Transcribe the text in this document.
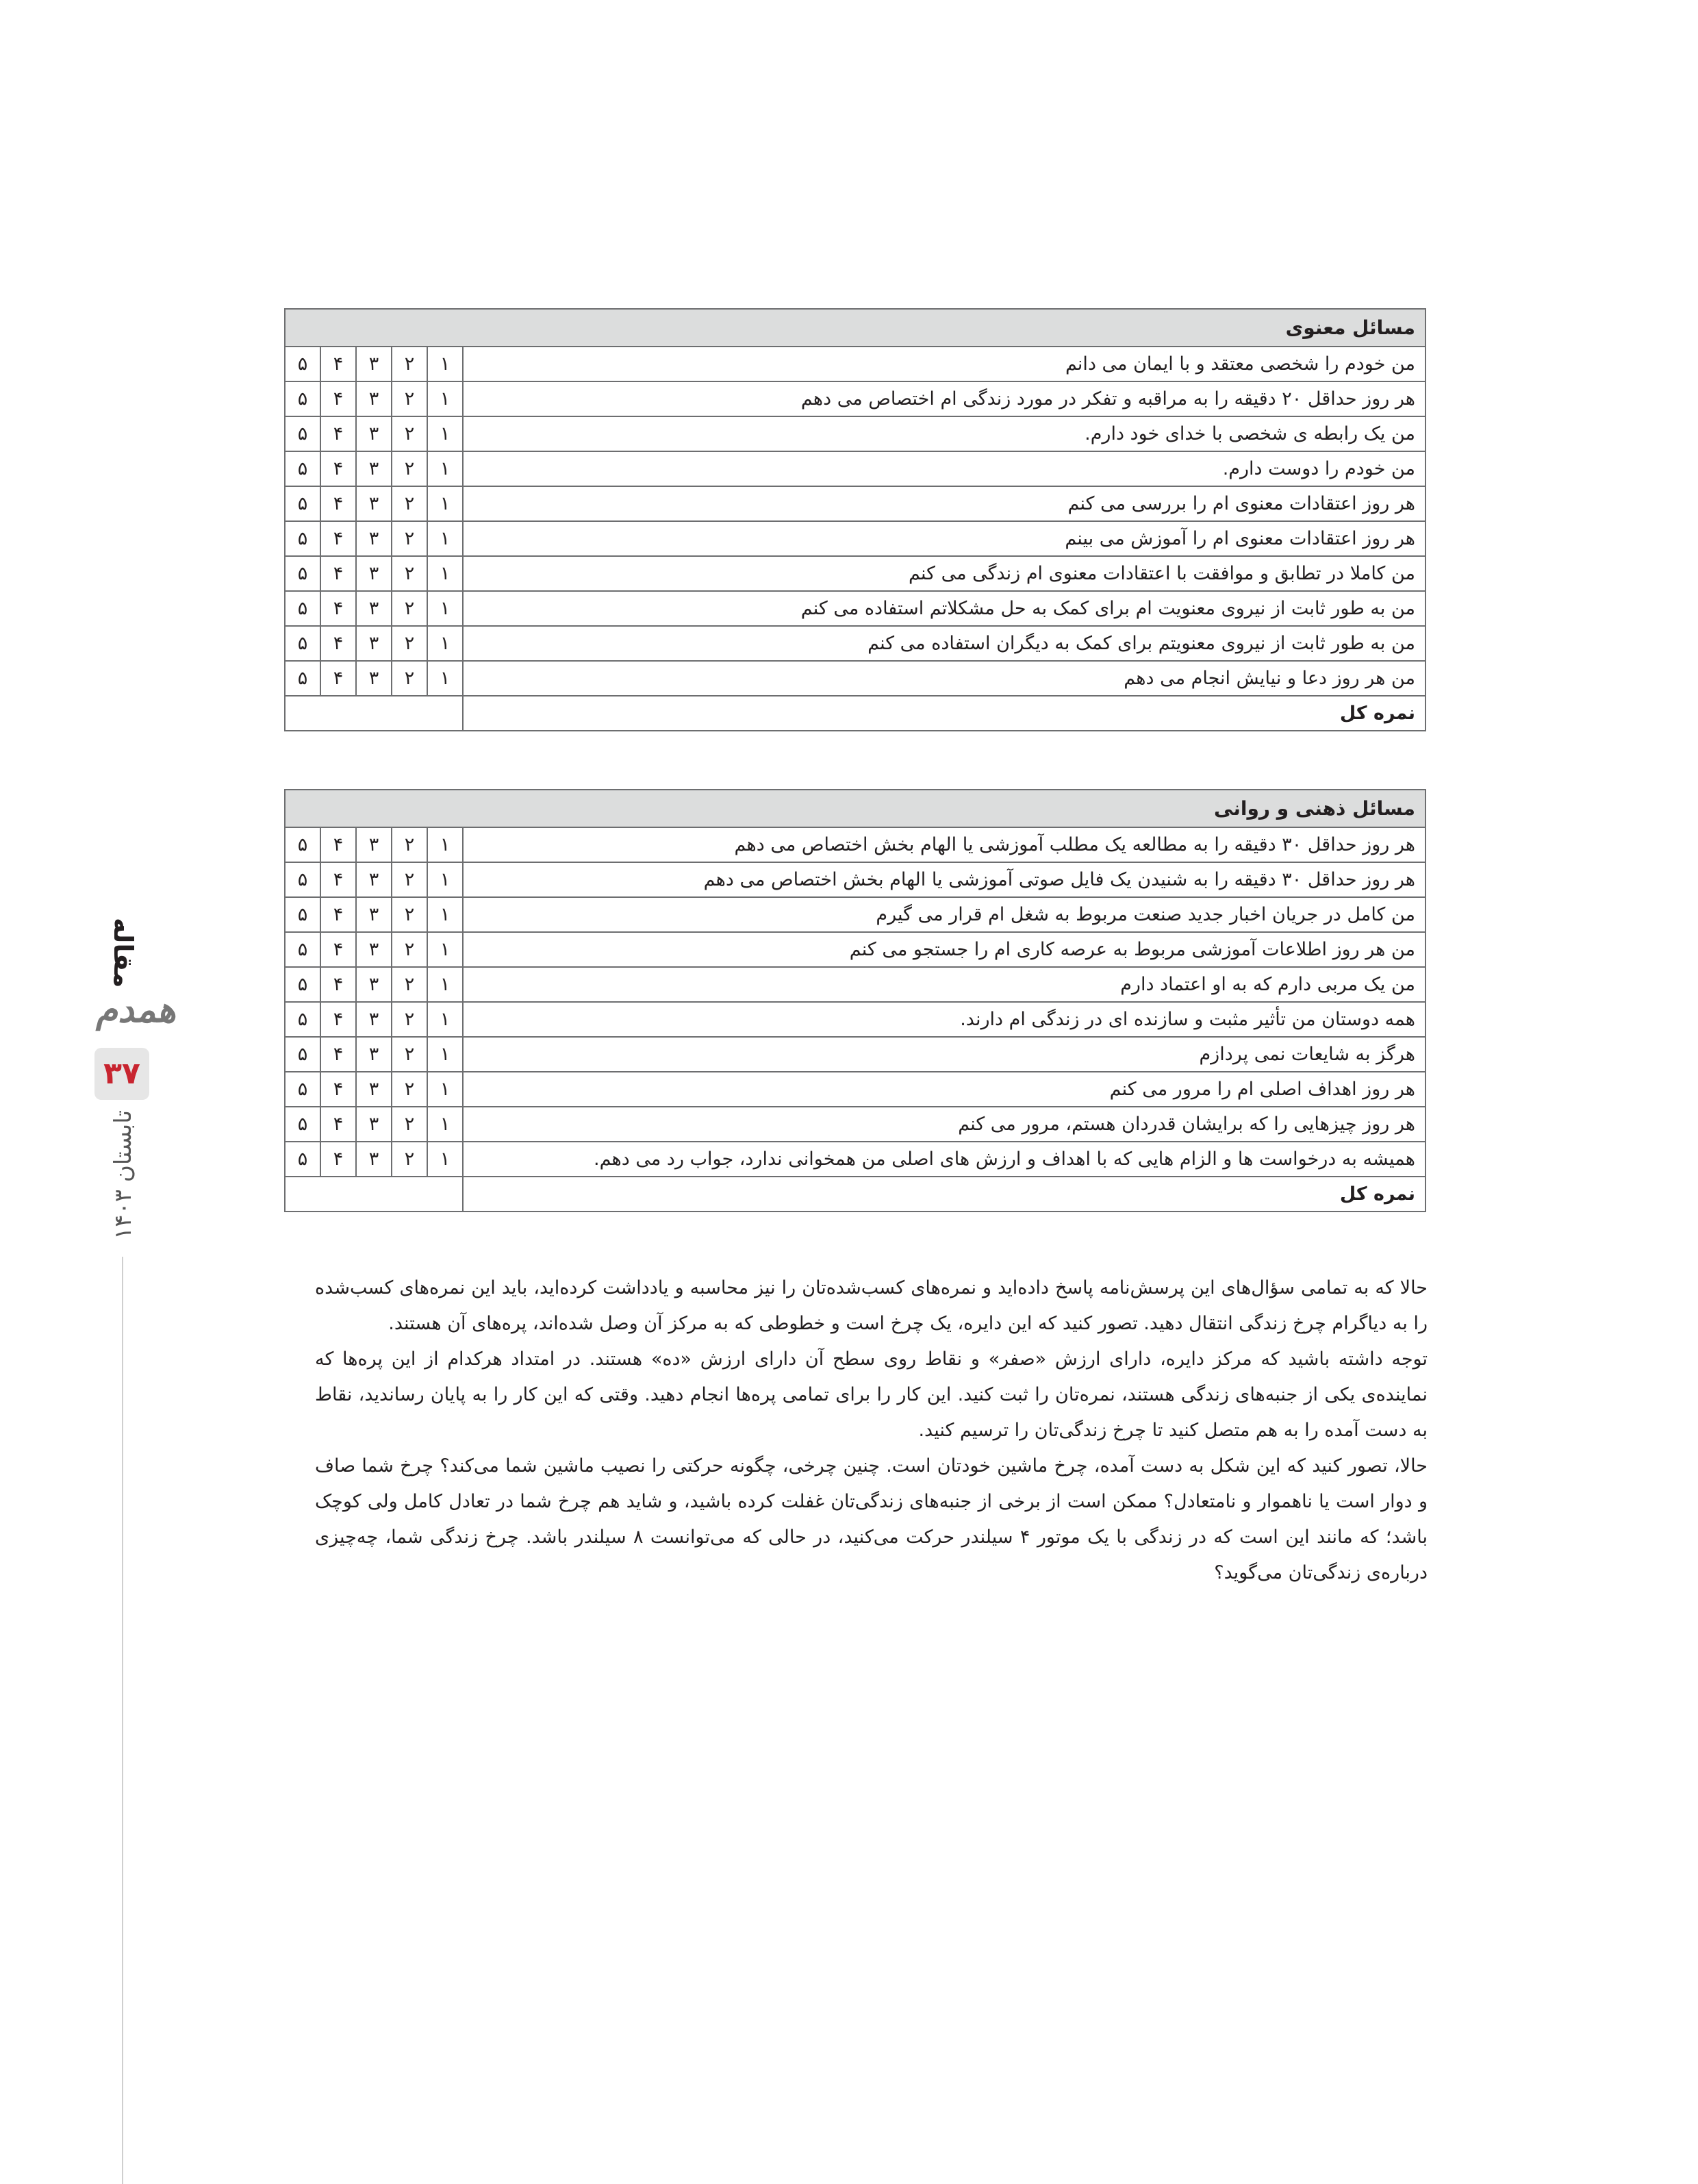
مقاله
همدم
۳۷
تابستان ۱۴۰۳
مسائل معنوی					
من خودم را شخصی معتقد و با ایمان می دانم	۱	۲	۳	۴	۵
هر روز حداقل ۲۰ دقیقه را به مراقبه و تفکر در مورد زندگی ام اختصاص می دهم	۱	۲	۳	۴	۵
من یک رابطه ی شخصی با خدای خود دارم.	۱	۲	۳	۴	۵
من خودم را دوست دارم.	۱	۲	۳	۴	۵
هر روز اعتقادات معنوی ام را بررسی می کنم	۱	۲	۳	۴	۵
هر روز اعتقادات معنوی ام را آموزش می بینم	۱	۲	۳	۴	۵
من کاملا در تطابق و موافقت با اعتقادات معنوی ام زندگی می کنم	۱	۲	۳	۴	۵
من به طور ثابت از نیروی معنویت ام برای کمک به حل مشکلاتم استفاده می کنم	۱	۲	۳	۴	۵
من به طور ثابت از نیروی معنویتم برای کمک به دیگران استفاده می کنم	۱	۲	۳	۴	۵
من هر روز دعا و نیایش انجام می دهم	۱	۲	۳	۴	۵
نمره کل					
مسائل ذهنی و روانی					
هر روز حداقل ۳۰ دقیقه را به مطالعه یک مطلب آموزشی یا الهام بخش اختصاص می دهم	۱	۲	۳	۴	۵
هر روز حداقل ۳۰ دقیقه را به شنیدن یک فایل صوتی آموزشی یا الهام بخش اختصاص می دهم	۱	۲	۳	۴	۵
من کامل در جریان اخبار جدید صنعت مربوط به شغل ام قرار می گیرم	۱	۲	۳	۴	۵
من هر روز اطلاعات آموزشی مربوط به عرصه کاری ام را جستجو می کنم	۱	۲	۳	۴	۵
من یک مربی دارم که به او اعتماد دارم	۱	۲	۳	۴	۵
همه دوستان من تأثیر مثبت و سازنده ای در زندگی ام دارند.	۱	۲	۳	۴	۵
هرگز به شایعات نمی پردازم	۱	۲	۳	۴	۵
هر روز اهداف اصلی ام را مرور می کنم	۱	۲	۳	۴	۵
هر روز چیزهایی را که برایشان قدردان هستم، مرور می کنم	۱	۲	۳	۴	۵
همیشه به درخواست ها و الزام هایی که با اهداف و ارزش های اصلی من همخوانی ندارد، جواب رد می دهم.	۱	۲	۳	۴	۵
نمره کل					

حالا که به تمامی سؤال‌های این پرسش‌نامه پاسخ داده‌اید و نمره‌های کسب‌شده‌تان را نیز محاسبه و یادداشت کرده‌اید، باید این نمره‌های کسب‌شده را به دیاگرام چرخ زندگی انتقال دهید. تصور کنید که این دایره، یک چرخ است و خطوطی که به مرکز آن وصل شده‌اند، پره‌های آن هستند.

توجه داشته باشید که مرکز دایره، دارای ارزش «صفر» و نقاط روی سطح آن دارای ارزش «ده» هستند. در امتداد هرکدام از این پره‌ها که نماینده‌ی یکی از جنبه‌های زندگی هستند، نمره‌تان را ثبت کنید. این کار را برای تمامی پره‌ها انجام دهید. وقتی که این کار را به پایان رساندید، نقاط به دست آمده را به هم متصل کنید تا چرخ زندگی‌تان را ترسیم کنید.

حالا، تصور کنید که این شکل به دست آمده، چرخ ماشین خودتان است. چنین چرخی، چگونه حرکتی را نصیب ماشین شما می‌کند؟ چرخ شما صاف و دوار است یا ناهموار و نامتعادل؟ ممکن است از برخی از جنبه‌های زندگی‌تان غفلت کرده باشید، و شاید هم چرخ شما در تعادل کامل ولی کوچک باشد؛ که مانند این است که در زندگی با یک موتور ۴ سیلندر حرکت می‌کنید، در حالی که می‌توانست ۸ سیلندر باشد. چرخ زندگی شما، چه‌چیزی درباره‌ی زندگی‌تان می‌گوید؟
